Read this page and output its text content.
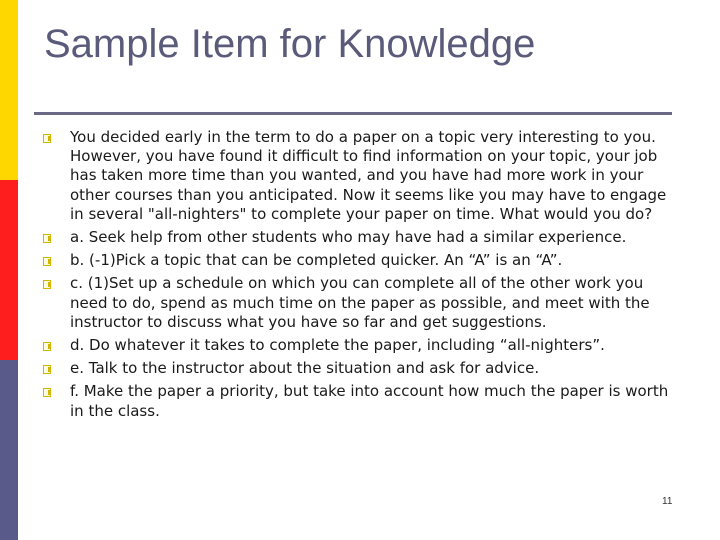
Sample Item for Knowledge
You decided early in the term to do a paper on a topic very interesting to you. However, you have found it difficult to find information on your topic, your job has taken more time than you wanted, and you have had more work in your other courses than you anticipated. Now it seems like you may have to engage in several "all-nighters" to complete your paper on time. What would you do?
a. Seek help from other students who may have had a similar experience.
b. (-1)Pick a topic that can be completed quicker. An “A” is an “A”.
c. (1)Set up a schedule on which you can complete all of the other work you need to do, spend as much time on the paper as possible, and meet with the instructor to discuss what you have so far and get suggestions.
d. Do whatever it takes to complete the paper, including “all-nighters”.
e. Talk to the instructor about the situation and ask for advice.
f. Make the paper a priority, but take into account how much the paper is worth in the class.
11
